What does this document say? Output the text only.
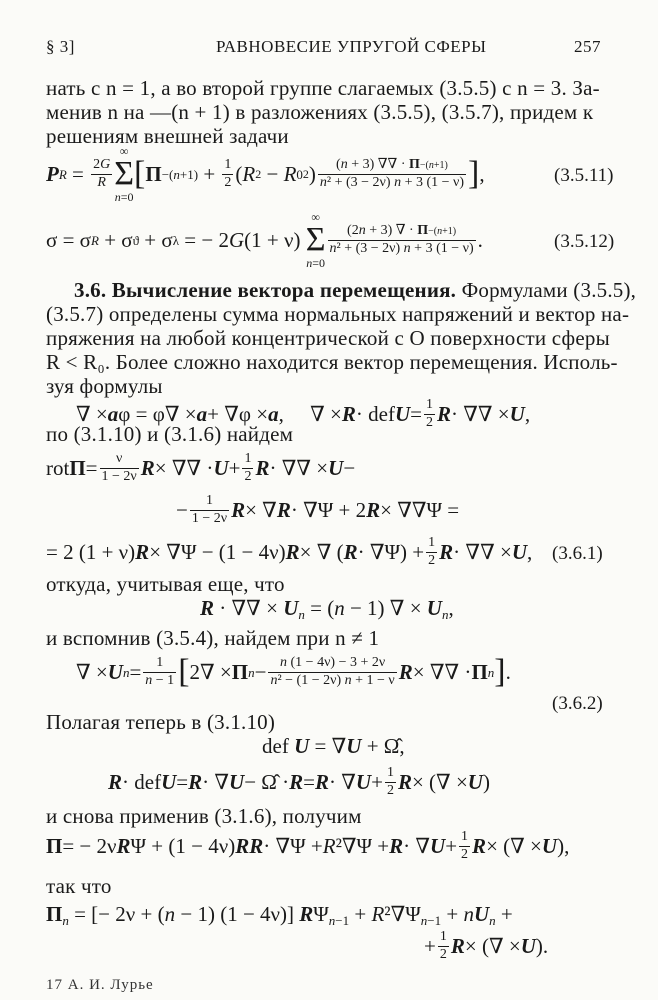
§ 3]	РАВНОВЕСИЕ УПРУГОЙ СФЕРЫ	257
нать с n = 1, а во второй группе слагаемых (3.5.5) с n = 3. За-
менив n на —(n + 1) в разложениях (3.5.5), (3.5.7), придем к
решениям внешней задачи
P $R = \frac{2G}{R}$
∞
Σ
n=0
[ $\Pi -(n+1) + \frac{1}{2}$ ( R 2 − R 0 2 ) $\frac{(n + 3) \nabla\nabla \cdot \Pi-(n+1)}{\text{n² + (3 − 2ν) n + 3 (1 − ν)}}$ ] ,	(3.5.11)
σ = σ R + σ ϑ + σ λ = − 2 G (1 + ν)
∞
Σ
n=0
$\frac{(2n + 3) \nabla \cdot \Pi-(n+1)}{\text{n² + (3 − 2ν) n + 3 (1 − ν)}}$ .	(3.5.12)
3.6. Вычисление вектора перемещения. Формулами (3.5.5),
(3.5.7) определены сумма нормальных напряжений и вектор на-
пряжения на любой концентрической с O поверхности сферы
R < R₀. Более сложно находится вектор перемещения. Исполь-
зуя формулы
∇ × a φ = φ∇ × a + ∇φ × a ,     ∇ × R · def $U = \frac{1}{2}$ R · ∇∇ × U ,
по (3.1.10) и (3.1.6) найдем
rot $\Pi = \frac{\nu}{1 - 2\nu}$ R × ∇∇ · $U + \frac{1}{2}$ R · ∇∇ × U −
− $\frac{1}{1 - 2\nu}$ R × ∇ R · ∇Ψ + 2 R × ∇∇Ψ =
= 2 (1 + ν) R × ∇Ψ − (1 − 4ν) R × ∇ ( $R \cdot \nabla\Psi) + \frac{1}{2}$ R · ∇∇ × U , (3.6.1)
откуда, учитывая еще, что
R · ∇∇ × $U_n = (n - 1)$ ∇ × $U_n$,
и вспомнив (3.5.4), найдем при n ≠ 1
∇ × U $n = \frac{1}{n - 1}$ [ 2∇ × Π $n - \frac{n (1 - 4\nu) - 3 + 2\nu}{\text{n² − (1 − 2ν) n + 1 − ν}}$ R × ∇∇ · Π n ] .
(3.6.2)
Полагая теперь в (3.1.10)
def U = ∇U + Ω̂,
R · def U = R · ∇ U − Ω̂ · R = R · ∇ $U + \frac{1}{2}$ R × (∇ × U )
и снова применив (3.1.6), получим
Π = − 2ν R Ψ + (1 − 4ν) RR · ∇Ψ + R ²∇Ψ + R · ∇ $U + \frac{1}{2}$ R × (∇ × U ),
так что
$\Pi_n$ = [− 2ν + (n − 1) (1 − 4ν)] $R\Psi_{n-1} + R^2\nabla\Psi_{n-1} + nU_n$ +
+ $\frac{1}{2}$ R × (∇ × U ).
17 А. И. Лурье
